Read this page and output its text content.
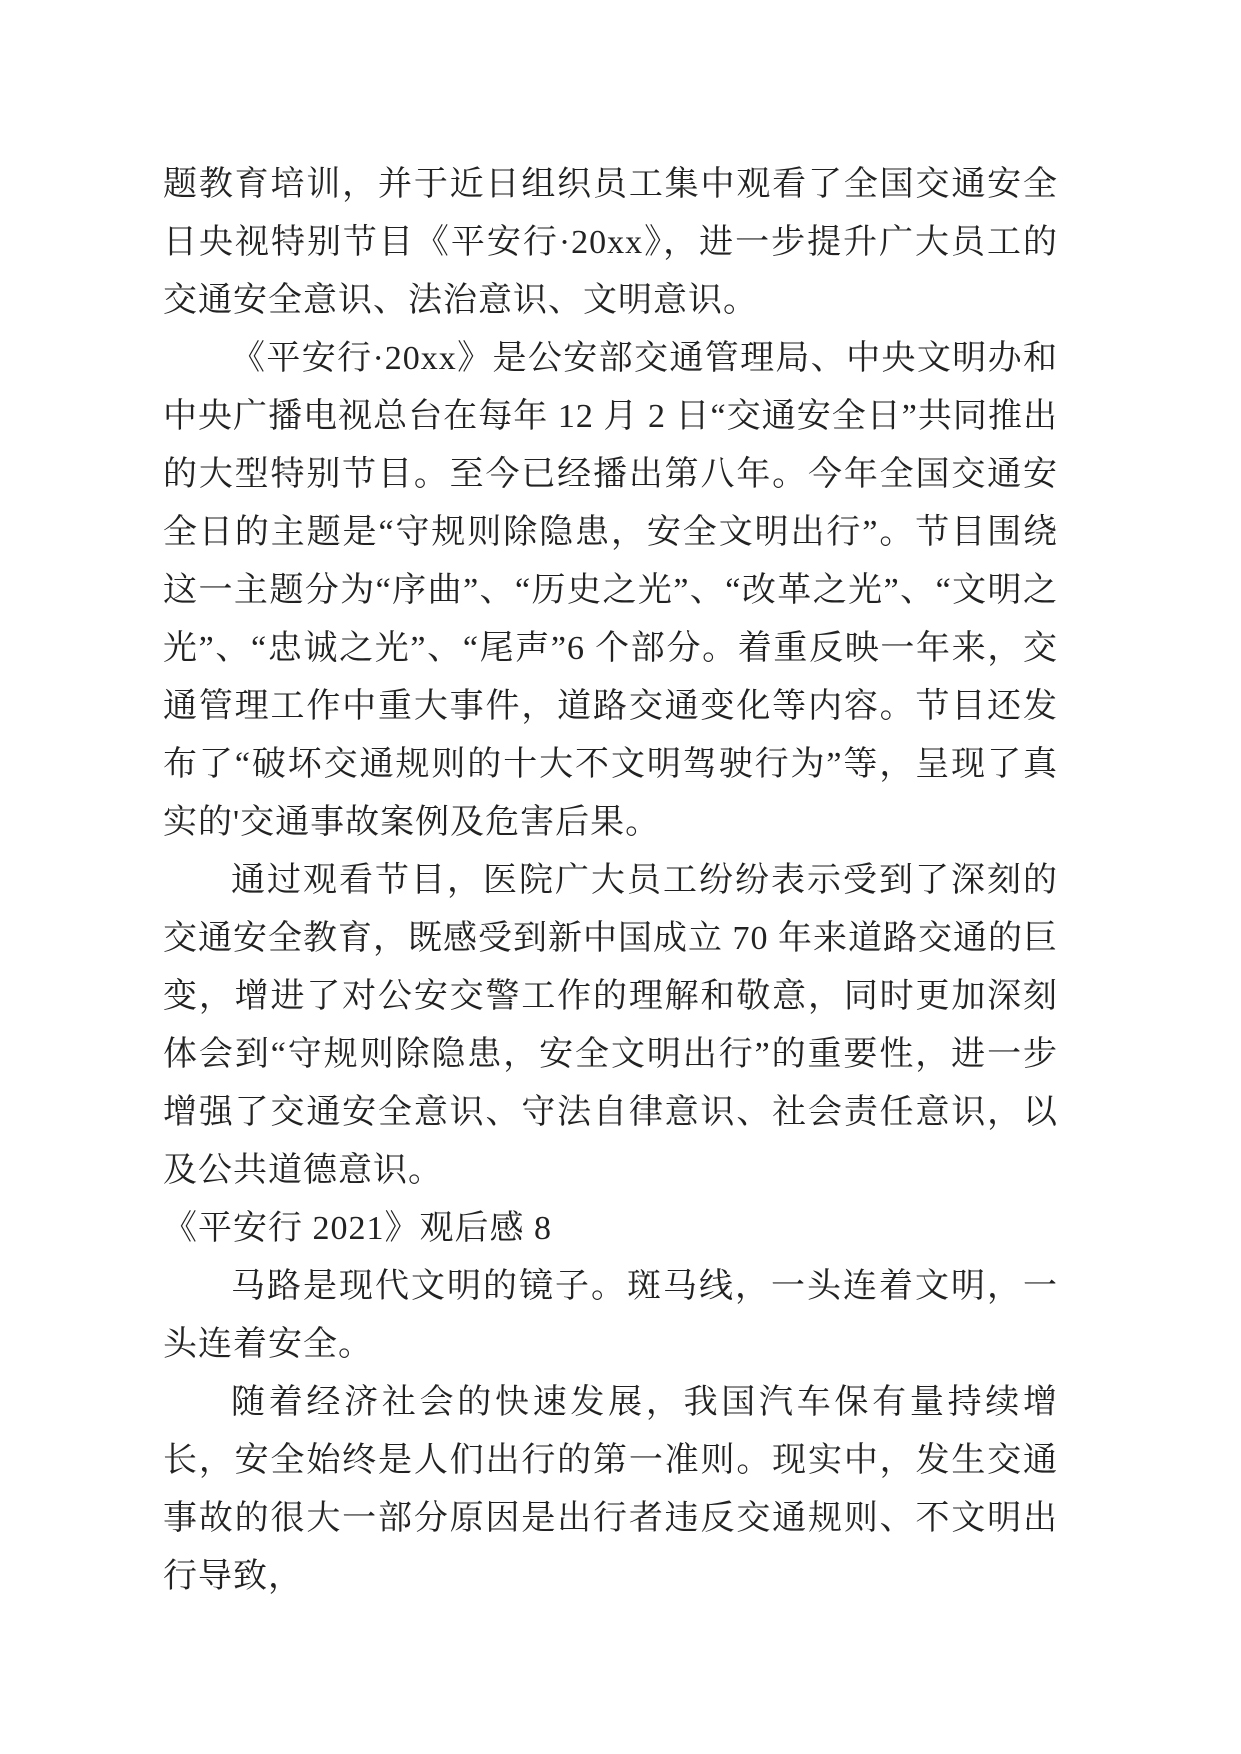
题教育培训，并于近日组织员工集中观看了全国交通安全日央视特别节目《平安行·20xx》，进一步提升广大员工的交通安全意识、法治意识、文明意识。

《平安行·20xx》是公安部交通管理局、中央文明办和中央广播电视总台在每年 12 月 2 日“交通安全日”共同推出的大型特别节目。至今已经播出第八年。今年全国交通安全日的主题是“守规则除隐患，安全文明出行”。节目围绕这一主题分为“序曲”、“历史之光”、“改革之光”、“文明之光”、“忠诚之光”、“尾声”6 个部分。着重反映一年来，交通管理工作中重大事件，道路交通变化等内容。节目还发布了“破坏交通规则的十大不文明驾驶行为”等，呈现了真实的'交通事故案例及危害后果。

通过观看节目，医院广大员工纷纷表示受到了深刻的交通安全教育，既感受到新中国成立 70 年来道路交通的巨变，增进了对公安交警工作的理解和敬意，同时更加深刻体会到“守规则除隐患，安全文明出行”的重要性，进一步增强了交通安全意识、守法自律意识、社会责任意识，以及公共道德意识。

《平安行 2021》观后感 8

马路是现代文明的镜子。斑马线，一头连着文明，一头连着安全。

随着经济社会的快速发展，我国汽车保有量持续增长，安全始终是人们出行的第一准则。现实中，发生交通事故的很大一部分原因是出行者违反交通规则、不文明出行导致，
